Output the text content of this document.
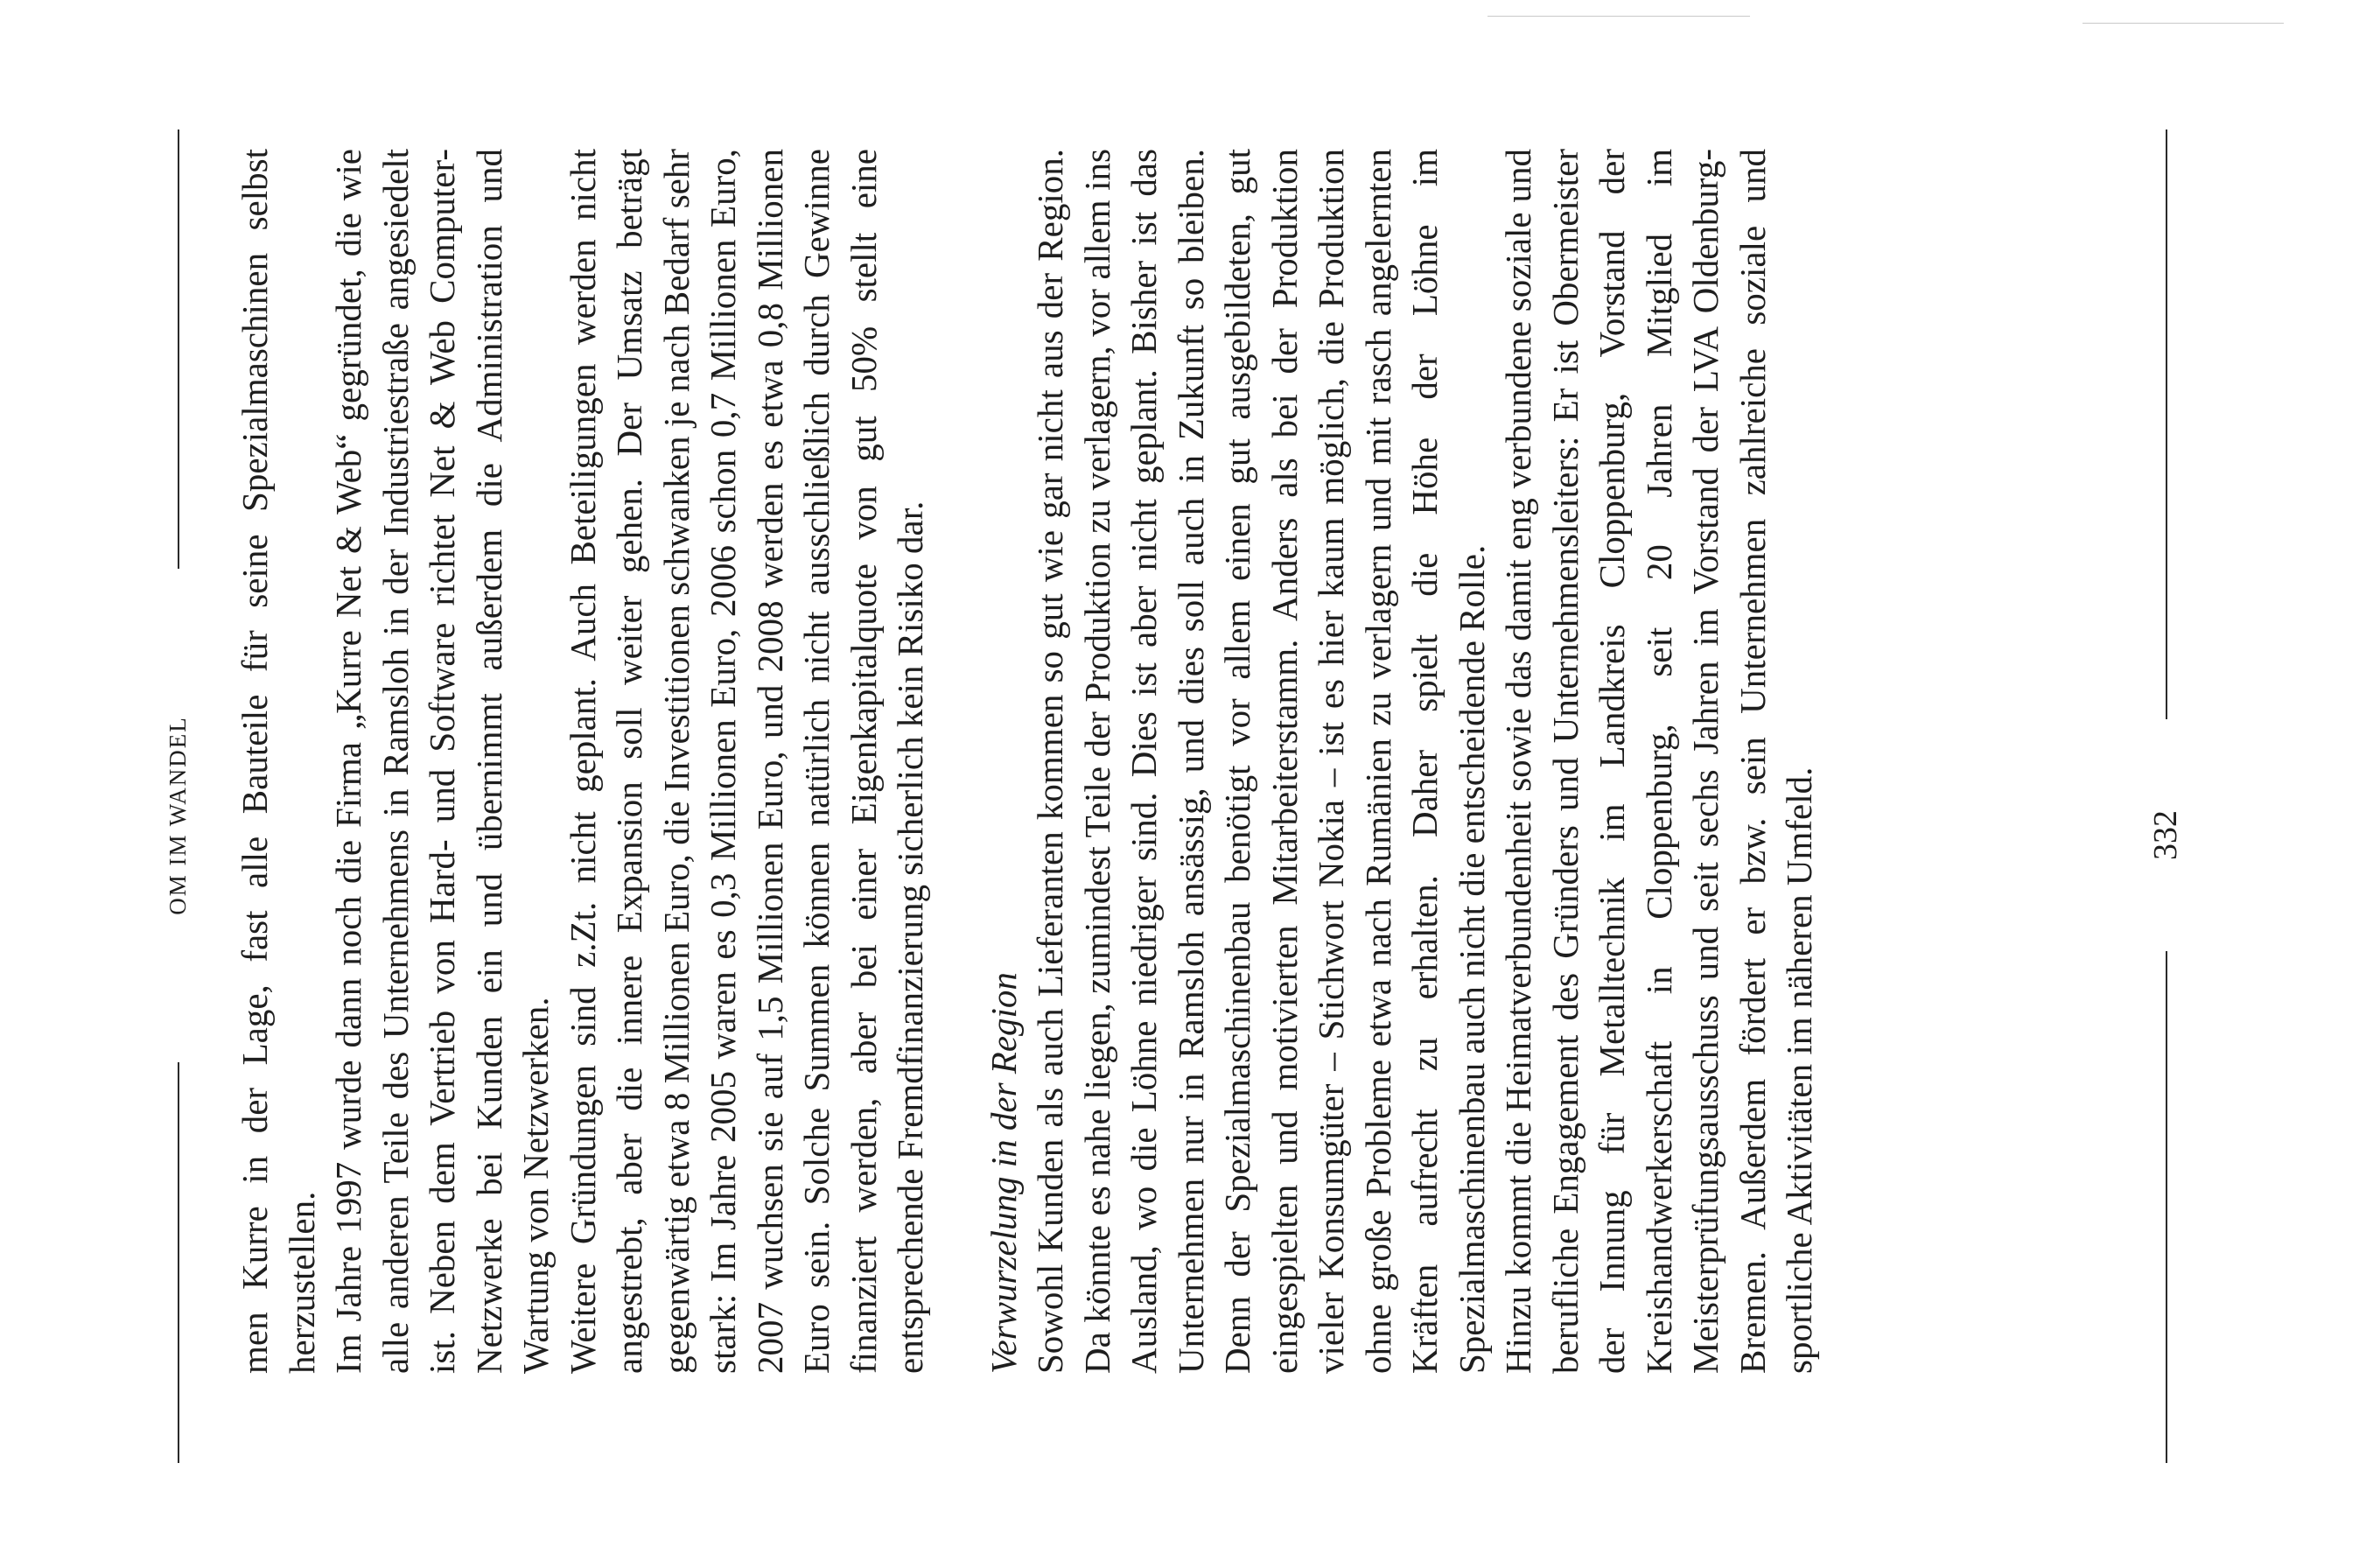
OM IM WANDEL men Kurre in der Lage, fast alle Bauteile für seine Spezialmaschinen selbst herzustellen. Im Jahre 1997 wurde dann noch die Firma „Kurre Net & Web“ gegründet, die wie alle anderen Teile des Unternehmens in Ramsloh in der Industriestraße angesiedelt ist. Neben dem Vertrieb von Hard- und Software richtet Net & Web Computer-Netzwerke bei Kunden ein und übernimmt außerdem die Administration und Wartung von Netzwerken. Weitere Gründungen sind z.Zt. nicht geplant. Auch Beteiligungen werden nicht angestrebt, aber die innere Expansion soll weiter gehen. Der Umsatz beträgt gegenwärtig etwa 8 Millionen Euro, die Investitionen schwanken je nach Bedarf sehr stark: Im Jahre 2005 waren es 0,3 Millionen Euro, 2006 schon 0,7 Millionen Euro, 2007 wuchsen sie auf 1,5 Millionen Euro, und 2008 werden es etwa 0,8 Millionen Euro sein. Solche Summen können natürlich nicht ausschließlich durch Gewinne finanziert werden, aber bei einer Eigenkapitalquote von gut 50% stellt eine entsprechende Fremdfinanzierung sicherlich kein Risiko dar. Verwurzelung in der Region Sowohl Kunden als auch Lieferanten kommen so gut wie gar nicht aus der Region. Da könnte es nahe liegen, zumindest Teile der Produktion zu verlagern, vor allem ins Ausland, wo die Löhne niedriger sind. Dies ist aber nicht geplant. Bisher ist das Unternehmen nur in Ramsloh ansässig, und dies soll auch in Zukunft so bleiben. Denn der Spezialmaschinenbau benötigt vor allem einen gut ausgebildeten, gut eingespielten und motivierten Mitarbeiterstamm. Anders als bei der Produktion vieler Konsumgüter – Stichwort Nokia – ist es hier kaum möglich, die Produktion ohne große Probleme etwa nach Rumänien zu verlagern und mit rasch angelernten Kräften aufrecht zu erhalten. Daher spielt die Höhe der Löhne im Spezialmaschinenbau auch nicht die entscheidende Rolle. Hinzu kommt die Heimatverbundenheit sowie das damit eng verbundene soziale und berufliche Engagement des Gründers und Unternehmensleiters: Er ist Obermeister der Innung für Metalltechnik im Landkreis Cloppenburg, Vorstand der Kreishandwerkerschaft in Cloppenburg, seit 20 Jahren Mitglied im Meisterprüfungsausschuss und seit sechs Jahren im Vorstand der LVA Oldenburg-Bremen. Außerdem fördert er bzw. sein Unternehmen zahlreiche soziale und sportliche Aktivitäten im näheren Umfeld.	332
